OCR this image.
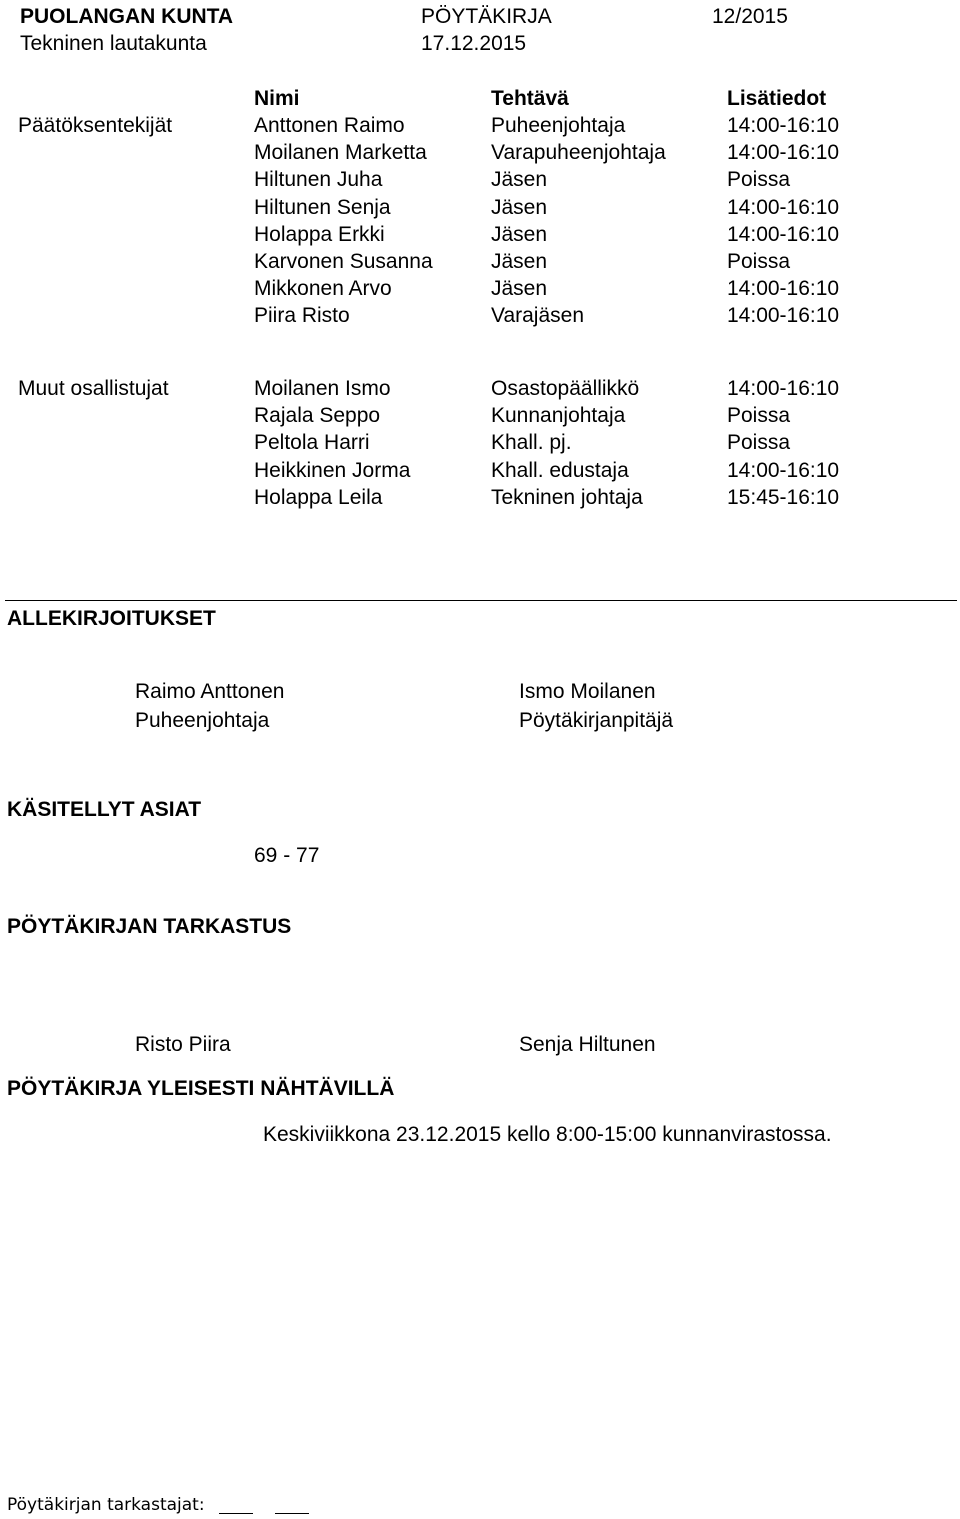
PUOLANGAN KUNTA	PÖYTÄKIRJA	12/2015
Tekninen lautakunta	17.12.2015
Nimi	Tehtävä	Lisätiedot
Päätöksentekijät	Anttonen Raimo	Puheenjohtaja	14:00-16:10
Moilanen Marketta	Varapuheenjohtaja	14:00-16:10
Hiltunen Juha	Jäsen	Poissa
Hiltunen Senja	Jäsen	14:00-16:10
Holappa Erkki	Jäsen	14:00-16:10
Karvonen Susanna	Jäsen	Poissa
Mikkonen Arvo	Jäsen	14:00-16:10
Piira Risto	Varajäsen	14:00-16:10
Muut osallistujat	Moilanen Ismo	Osastopäällikkö	14:00-16:10
Rajala Seppo	Kunnanjohtaja	Poissa
Peltola Harri	Khall. pj.	Poissa
Heikkinen Jorma	Khall. edustaja	14:00-16:10
Holappa Leila	Tekninen johtaja	15:45-16:10
ALLEKIRJOITUKSET
Raimo Anttonen
Puheenjohtaja
Ismo Moilanen
Pöytäkirjanpitäjä
KÄSITELLYT ASIAT
69 - 77
PÖYTÄKIRJAN TARKASTUS
Risto Piira	Senja Hiltunen
PÖYTÄKIRJA YLEISESTI NÄHTÄVILLÄ
Keskiviikkona 23.12.2015 kello 8:00-15:00 kunnanvirastossa.
Pöytäkirjan tarkastajat:
